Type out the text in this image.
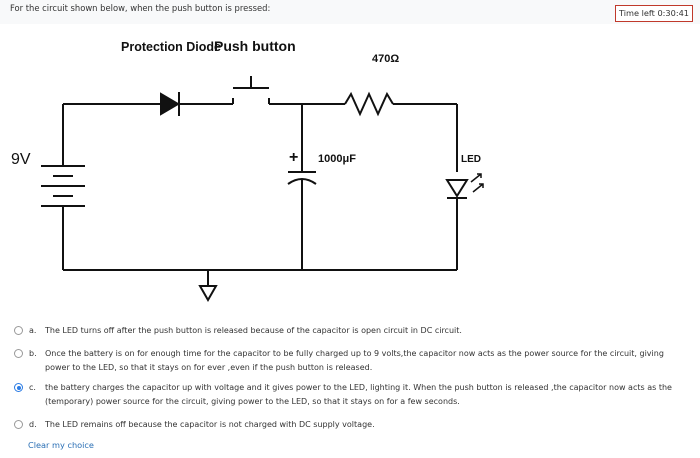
For the circuit shown below, when the push button is pressed:	Time left 0:30:41
Protection Diode
Push button
470Ω
9V	+ 1000μF	LED
a. The LED turns off after the push button is released because of the capacitor is open circuit in DC circuit.
b. Once the battery is on for enough time for the capacitor to be fully charged up to 9 volts,the capacitor now acts as the power source for the circuit, giving power to the LED, so that it stays on for ever ,even if the push button is released.
c. the battery charges the capacitor up with voltage and it gives power to the LED, lighting it. When the push button is released ,the capacitor now acts as the (temporary) power source for the circuit, giving power to the LED, so that it stays on for a few seconds.
d. The LED remains off because the capacitor is not charged with DC supply voltage.
Clear my choice
